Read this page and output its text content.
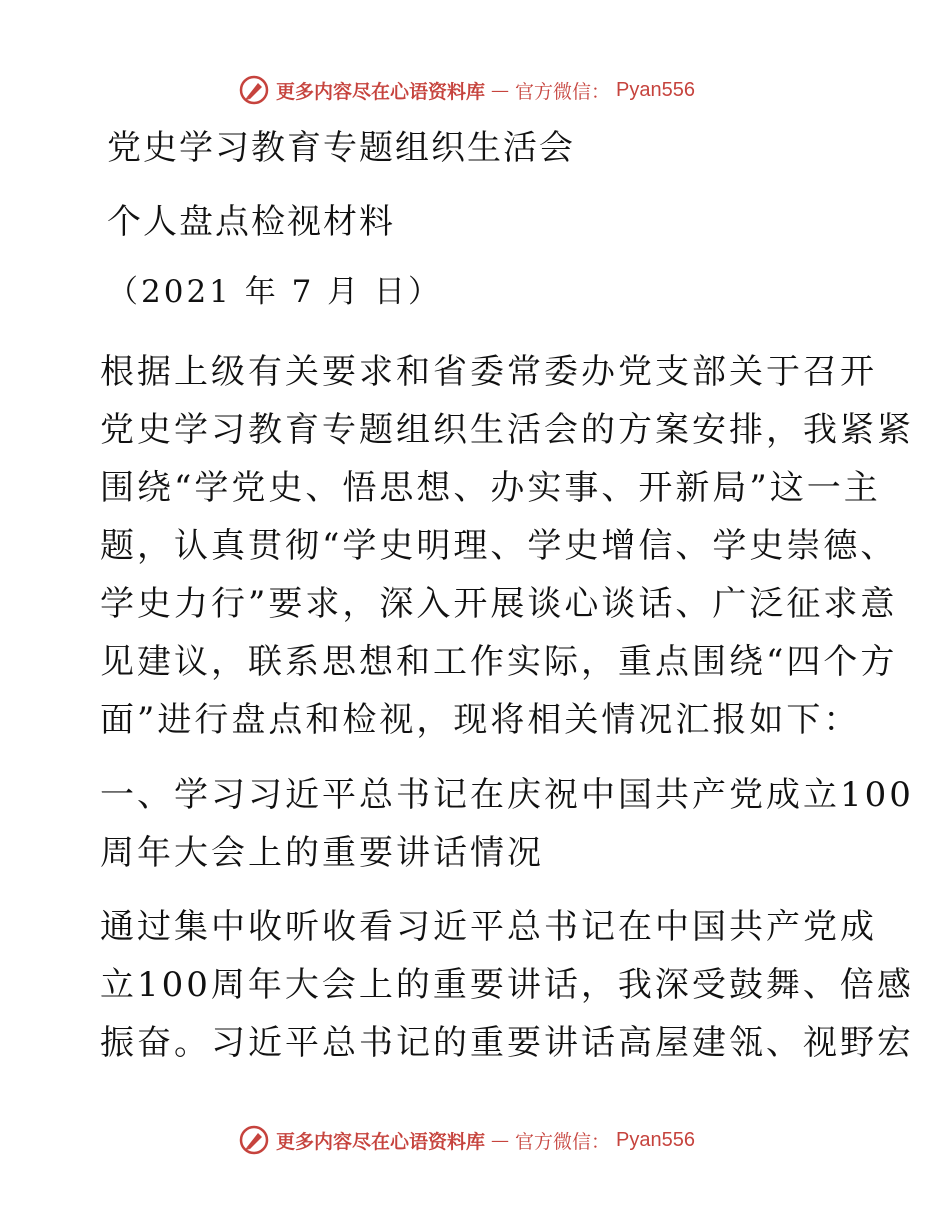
更多内容尽在心语资料库 — 官方微信： Pyan556
党史学习教育专题组织生活会
个人盘点检视材料
（2021 年 7 月 日）
根据上级有关要求和省委常委办党支部关于召开
党史学习教育专题组织生活会的方案安排，我紧紧
围绕“学党史、悟思想、办实事、开新局”这一主
题，认真贯彻“学史明理、学史增信、学史崇德、
学史力行”要求，深入开展谈心谈话、广泛征求意
见建议，联系思想和工作实际，重点围绕“四个方
面”进行盘点和检视，现将相关情况汇报如下：
一、学习习近平总书记在庆祝中国共产党成立100
周年大会上的重要讲话情况
通过集中收听收看习近平总书记在中国共产党成
立100周年大会上的重要讲话，我深受鼓舞、倍感
振奋。习近平总书记的重要讲话高屋建瓴、视野宏
更多内容尽在心语资料库 — 官方微信： Pyan556
